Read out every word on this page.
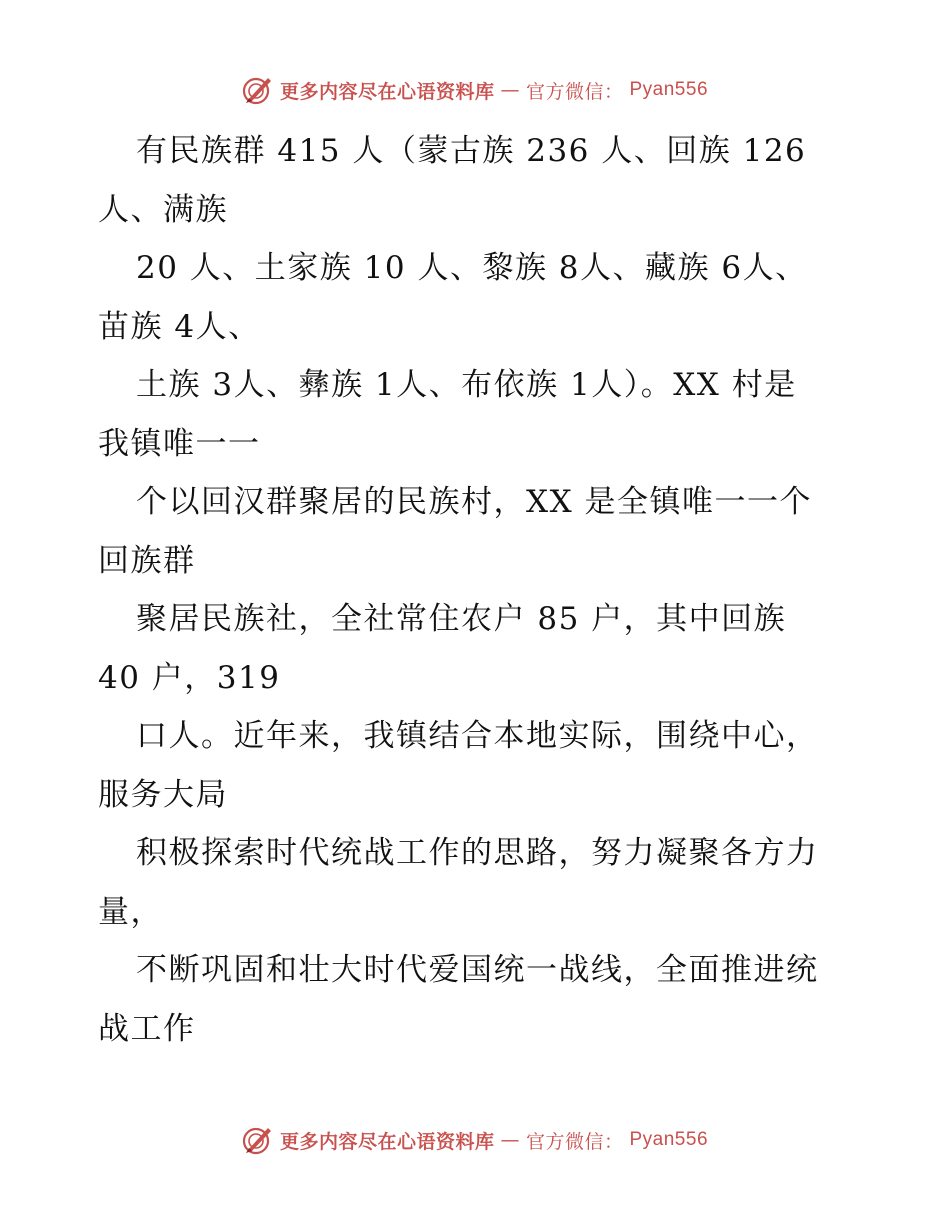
更多内容尽在心语资料库 — 官方微信： Pyan556
有民族群 415 人（蒙古族 236 人、回族 126
人、满族
20 人、土家族 10 人、黎族 8人、藏族 6人、
苗族 4人、
土族 3人、彝族 1人、布依族 1人）。XX 村是
我镇唯一一
个以回汉群聚居的民族村，XX 是全镇唯一一个
回族群
聚居民族社，全社常住农户 85 户，其中回族
40 户，319
口人。近年来，我镇结合本地实际，围绕中心，
服务大局
积极探索时代统战工作的思路，努力凝聚各方力
量，
不断巩固和壮大时代爱国统一战线，全面推进统
战工作
更多内容尽在心语资料库 — 官方微信： Pyan556
